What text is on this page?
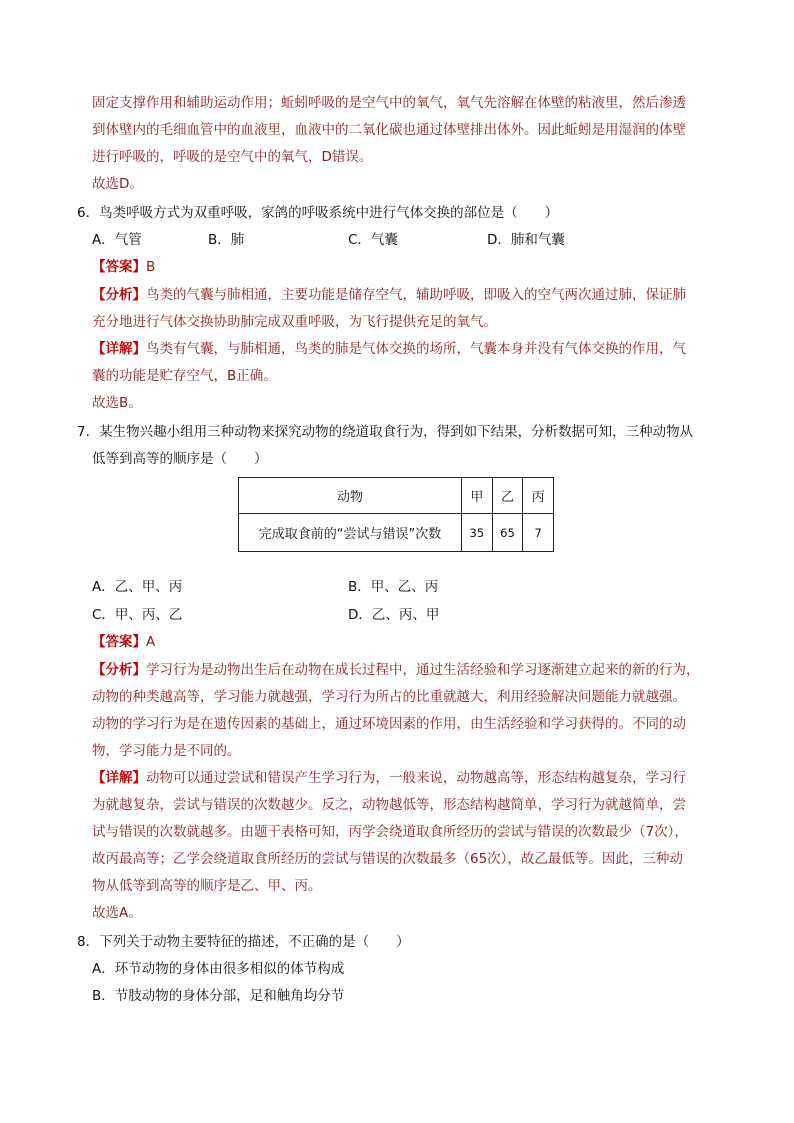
固定支撑作用和辅助运动作用；蚯蚓呼吸的是空气中的氧气，氧气先溶解在体壁的粘液里，然后渗透
到体壁内的毛细血管中的血液里，血液中的二氧化碳也通过体壁排出体外。因此蚯蚓是用湿润的体壁
进行呼吸的，呼吸的是空气中的氧气，D错误。
故选D。
6．鸟类呼吸方式为双重呼吸，家鸽的呼吸系统中进行气体交换的部位是（　　）
A．气管	B．肺	C．气囊	D．肺和气囊
【答案】B
【分析】鸟类的气囊与肺相通，主要功能是储存空气，辅助呼吸，即吸入的空气两次通过肺，保证肺
充分地进行气体交换协助肺完成双重呼吸，为飞行提供充足的氧气。
【详解】鸟类有气囊，与肺相通，鸟类的肺是气体交换的场所，气囊本身并没有气体交换的作用，气
囊的功能是贮存空气，B正确。
故选B。
7．某生物兴趣小组用三种动物来探究动物的绕道取食行为，得到如下结果，分析数据可知，三种动物从
低等到高等的顺序是（　　）
动物	甲	乙	丙
完成取食前的“尝试与错误”次数	35	65	7
A．乙、甲、丙	B．甲、乙、丙
C．甲、丙、乙	D．乙、丙、甲
【答案】A
【分析】学习行为是动物出生后在动物在成长过程中，通过生活经验和学习逐渐建立起来的新的行为，
动物的种类越高等，学习能力就越强，学习行为所占的比重就越大，利用经验解决问题能力就越强。
动物的学习行为是在遗传因素的基础上，通过环境因素的作用，由生活经验和学习获得的。不同的动
物，学习能力是不同的。
【详解】动物可以通过尝试和错误产生学习行为，一般来说，动物越高等，形态结构越复杂，学习行
为就越复杂，尝试与错误的次数越少。反之，动物越低等，形态结构越简单，学习行为就越简单，尝
试与错误的次数就越多。由题干表格可知，丙学会绕道取食所经历的尝试与错误的次数最少（7次），
故丙最高等；乙学会绕道取食所经历的尝试与错误的次数最多（65次），故乙最低等。因此，三种动
物从低等到高等的顺序是乙、甲、丙。
故选A。
8．下列关于动物主要特征的描述，不正确的是（　　）
A．环节动物的身体由很多相似的体节构成
B．节肢动物的身体分部，足和触角均分节
